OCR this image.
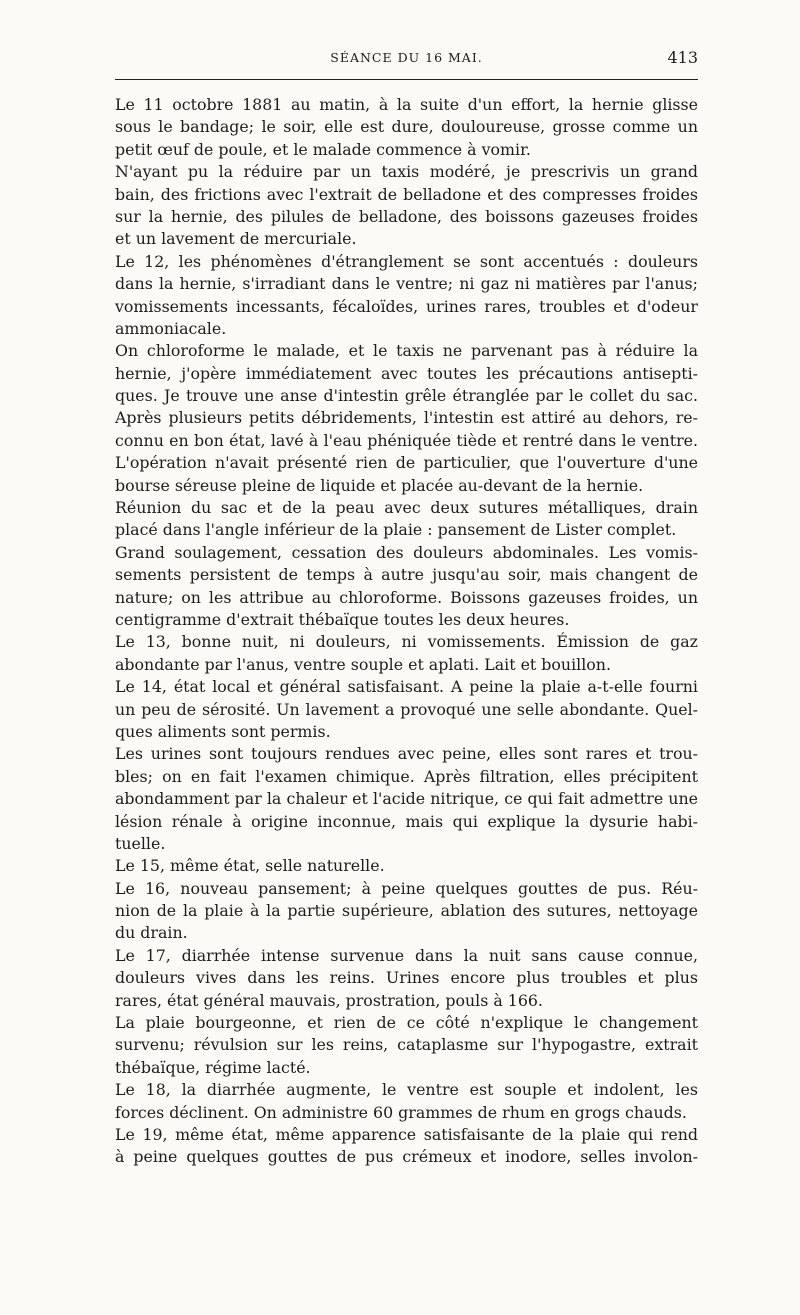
SÉANCE DU 16 MAI.	413
Le 11 octobre 1881 au matin, à la suite d'un effort, la hernie glisse
sous le bandage; le soir, elle est dure, douloureuse, grosse comme un
petit œuf de poule, et le malade commence à vomir.
N'ayant pu la réduire par un taxis modéré, je prescrivis un grand
bain, des frictions avec l'extrait de belladone et des compresses froides
sur la hernie, des pilules de belladone, des boissons gazeuses froides
et un lavement de mercuriale.
Le 12, les phénomènes d'étranglement se sont accentués : douleurs
dans la hernie, s'irradiant dans le ventre; ni gaz ni matières par l'anus;
vomissements incessants, fécaloïdes, urines rares, troubles et d'odeur
ammoniacale.
On chloroforme le malade, et le taxis ne parvenant pas à réduire la
hernie, j'opère immédiatement avec toutes les précautions antisepti-
ques. Je trouve une anse d'intestin grêle étranglée par le collet du sac.
Après plusieurs petits débridements, l'intestin est attiré au dehors, re-
connu en bon état, lavé à l'eau phéniquée tiède et rentré dans le ventre.
L'opération n'avait présenté rien de particulier, que l'ouverture d'une
bourse séreuse pleine de liquide et placée au-devant de la hernie.
Réunion du sac et de la peau avec deux sutures métalliques, drain
placé dans l'angle inférieur de la plaie : pansement de Lister complet.
Grand soulagement, cessation des douleurs abdominales. Les vomis-
sements persistent de temps à autre jusqu'au soir, mais changent de
nature; on les attribue au chloroforme. Boissons gazeuses froides, un
centigramme d'extrait thébaïque toutes les deux heures.
Le 13, bonne nuit, ni douleurs, ni vomissements. Émission de gaz
abondante par l'anus, ventre souple et aplati. Lait et bouillon.
Le 14, état local et général satisfaisant. A peine la plaie a-t-elle fourni
un peu de sérosité. Un lavement a provoqué une selle abondante. Quel-
ques aliments sont permis.
Les urines sont toujours rendues avec peine, elles sont rares et trou-
bles; on en fait l'examen chimique. Après filtration, elles précipitent
abondamment par la chaleur et l'acide nitrique, ce qui fait admettre une
lésion rénale à origine inconnue, mais qui explique la dysurie habi-
tuelle.
Le 15, même état, selle naturelle.
Le 16, nouveau pansement; à peine quelques gouttes de pus. Réu-
nion de la plaie à la partie supérieure, ablation des sutures, nettoyage
du drain.
Le 17, diarrhée intense survenue dans la nuit sans cause connue,
douleurs vives dans les reins. Urines encore plus troubles et plus
rares, état général mauvais, prostration, pouls à 166.
La plaie bourgeonne, et rien de ce côté n'explique le changement
survenu; révulsion sur les reins, cataplasme sur l'hypogastre, extrait
thébaïque, régime lacté.
Le 18, la diarrhée augmente, le ventre est souple et indolent, les
forces déclinent. On administre 60 grammes de rhum en grogs chauds.
Le 19, même état, même apparence satisfaisante de la plaie qui rend
à peine quelques gouttes de pus crémeux et inodore, selles involon-
